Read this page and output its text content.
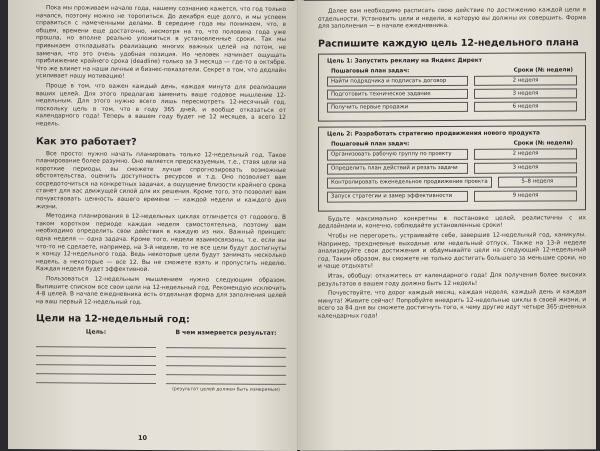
Пока мы проживаем начало года, нашему сознанию кажется, что год только начался, поэтому можно не торопиться. До декабря еще долго, и мы успеем справиться с намеченными делами. В середине года мы понимаем, что, в общем, времени еще достаточно, несмотря на то, что половина года уже прошла, но вполне реально уложиться в установленные сроки. Так мы привыкаем откладывать реализацию многих важных целей на потом, не замечая, что это очень удобная позиция. Но человек начинает ощущать приближение крайнего срока (deadline) только за 3 месяца — где-то в октябре. Что же влияет на наши личные и бизнес-показатели. Секрет в том, что дедлайн усиливает нашу мотивацию!

Проще в том, что важен каждый день, каждая минута для реализации ваших целей. Для этого предлагаю заменить ваше годовое мышление 12-недельным. Для этого нужно всего лишь пересмотреть 12-месячный год, поскольку цель в том, что в году 365 дней, и вообще отказаться от календарного года! Теперь в вашем году будет не 12 месяцев, а всего 12 недель.

Как это работает?

Все просто: нужно начать планировать только 12-недельный год. Такое планирование более разумно. Оно является предсказуемым, т.е., ставя цели на короткие периоды, вы сможете лучше спрогнозировать возможные обстоятельства, оценить доступность ресурсов и т.д. Оно позволяет вам сосредоточиться на конкретных задачах, а ощущение близости крайнего срока станет для вас движущей силой для их решения. Кроме того, это позволит вам почувствовать ценность вашего времени — каждой недели и каждого дня жизни.

Методика планирования в 12-недельных циклах отличается от годового. В таком коротком периоде каждая неделя самостоятельна, поэтому вам необходимо определить свои действия в каждую из них. Важный принцип: одна неделя — одна задача. Кроме того, недели взаимосвязаны, т.е. если вы что-то не сделаете, например, на 3-й неделе, то не все цели будут достигнуты к концу 12-недельного года. Ведь некоторые цели будут занимать несколько недель, а некоторые — все 12. Вы не сможете взять и пропустить неделю. Каждая неделя будет эффективной.

Пользоваться 12-недельным мышлением нужно следующим образом. Выпишите списком все свои цели на 12-недельный год. Рекомендую исключить 4-8 целей. В начале ежедневника есть отдельная форма для заполнения целей на ваш первый 12-недельный год.

Цели на 12-недельный год:
Цель:	В чем измеряется результат:
(результат целей должен быть измеримым)
10

Далее вам необходимо расписать свою действие по достижению каждой цели в отдельности. Установить цели и недели, в которую вы должны их совершить. Форма для заполнения — в начале ежедневника.

Распишите каждую цель 12-недельного плана
Цель 1: Запустить рекламу на Яндекс Директ
Пошаговый план задач:	Сроки (№ недели)
Найти подрядчика и подписать договор	2 неделя
Подготовить техническое задание	3 неделя
Получить первые продажи	6 неделя
Цель 2: Разработать стратегию продвижения нового продукта
Пошаговый план задач:	Сроки (№ недели)
Организовать рабочую группу по проекту	2 неделя
Определить план действий и резать задачи	3 неделя
Контролировать еженедельное продвижение проекта	5–8 неделя
Запуск стратегии и замер эффективности	9 неделя

Будьте максимально конкретны в постановке целей, реалистичны с их дедлайнами и, конечно, соблюдайте установленные сроки!

Чтобы не перегореть, устраивайте себе, завершив 12-недельный год, каникулы. Например, трехдневные выходные или недельный отпуск. Также на 13-й неделе анализируйте свои достижения и обдумывайте цели на следующий 12-недельный год. Таким образом, вы сможете не только достигать большего за меньшие сроки, но и чаще отдыхать!

Итак, обобщу: откажитесь от календарного года! Для получения более высоких результатов в вашем году должно быть 12 недель!

Почувствуйте, что дорог каждый месяц, каждая неделя, каждый день и каждая минута! Живите сейчас! Попробуйте внедрить 12-недельные циклы в своей жизни, и всего за 84 дня вы сможете достигнуть того, к чему другие идут четыре 365-дневных календарных года!
